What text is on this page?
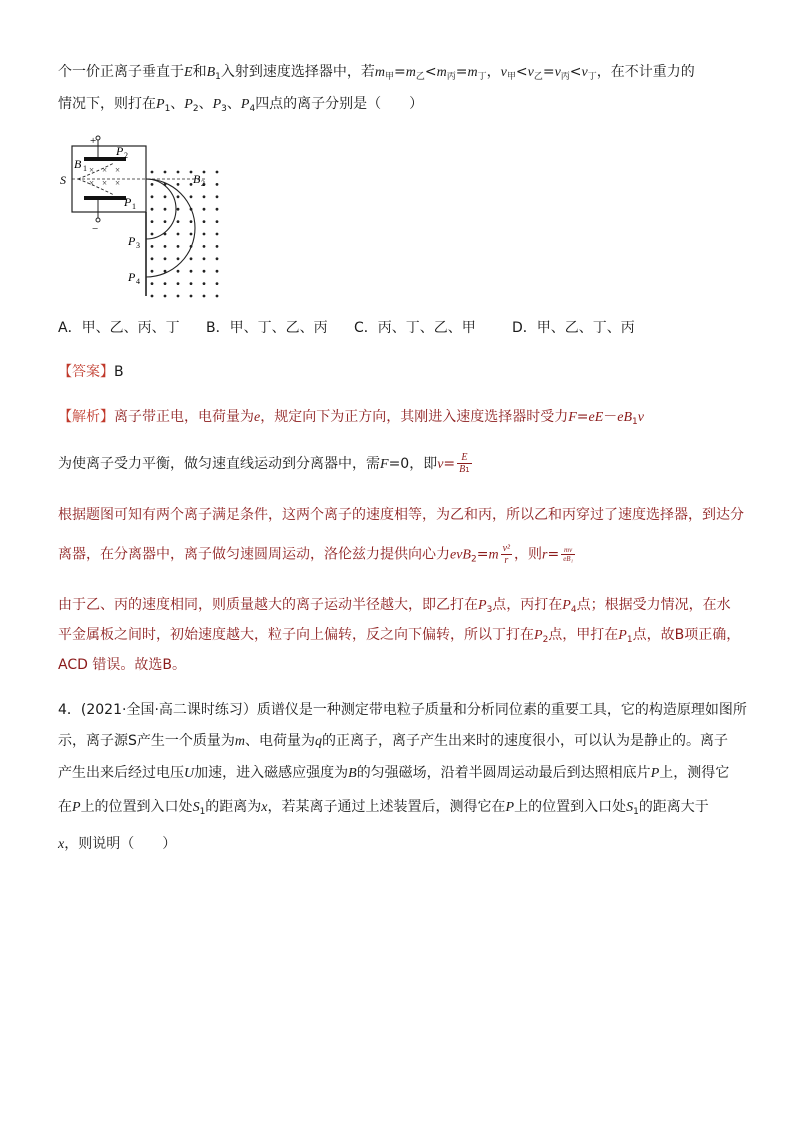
个一价正离子垂直于E和$B_1$入射到速度选择器中，若$m_甲=m_乙<m_丙=m_丁$，$v_甲<v_乙=v_丙<v_丁$，在不计重力的
情况下，则打在$P_1$、$P_2$、$P_3$、$P_4$四点的离子分别是（　　）
+
−
× × ×
× × ×
S
B 1
P 2
P 1
B 2
P 3
P 4
A．甲、乙、丙、丁 B．甲、丁、乙、丙 C．丙、丁、乙、甲	D．甲、乙、丁、丙
【答案】B
【解析】离子带正电，电荷量为e，规定向下为正方向，其刚进入速度选择器时受力$F=eE-eB_1v$
为使离子受力平衡，做匀速直线运动到分离器中，需F=0，即$v= \frac{E}{B1}$
根据题图可知有两个离子满足条件，这两个离子的速度相等，为乙和丙，所以乙和丙穿过了速度选择器，到达分
离器，在分离器中，离子做匀速圆周运动，洛伦兹力提供向心力$evB_2=m \frac{\text{v²}}{r}$ ，则$r= \frac{mv}{\text{eB₁}}$
由于乙、丙的速度相同，则质量越大的离子运动半径越大，即乙打在$P_3$点，丙打在$P_4$点；根据受力情况，在水
平金属板之间时，初始速度越大，粒子向上偏转，反之向下偏转，所以丁打在$P_2$点，甲打在$P_1$点，故B项正确，
ACD 错误。故选B。
4．(2021·全国·高二课时练习）质谱仪是一种测定带电粒子质量和分析同位素的重要工具，它的构造原理如图所
示，离子源S产生一个质量为m、电荷量为q的正离子，离子产生出来时的速度很小，可以认为是静止的。离子
产生出来后经过电压U加速，进入磁感应强度为B的匀强磁场，沿着半圆周运动最后到达照相底片P上，测得它
在P上的位置到入口处$S_1$的距离为x，若某离子通过上述装置后，测得它在P上的位置到入口处$S_1$的距离大于
x，则说明（　　）
